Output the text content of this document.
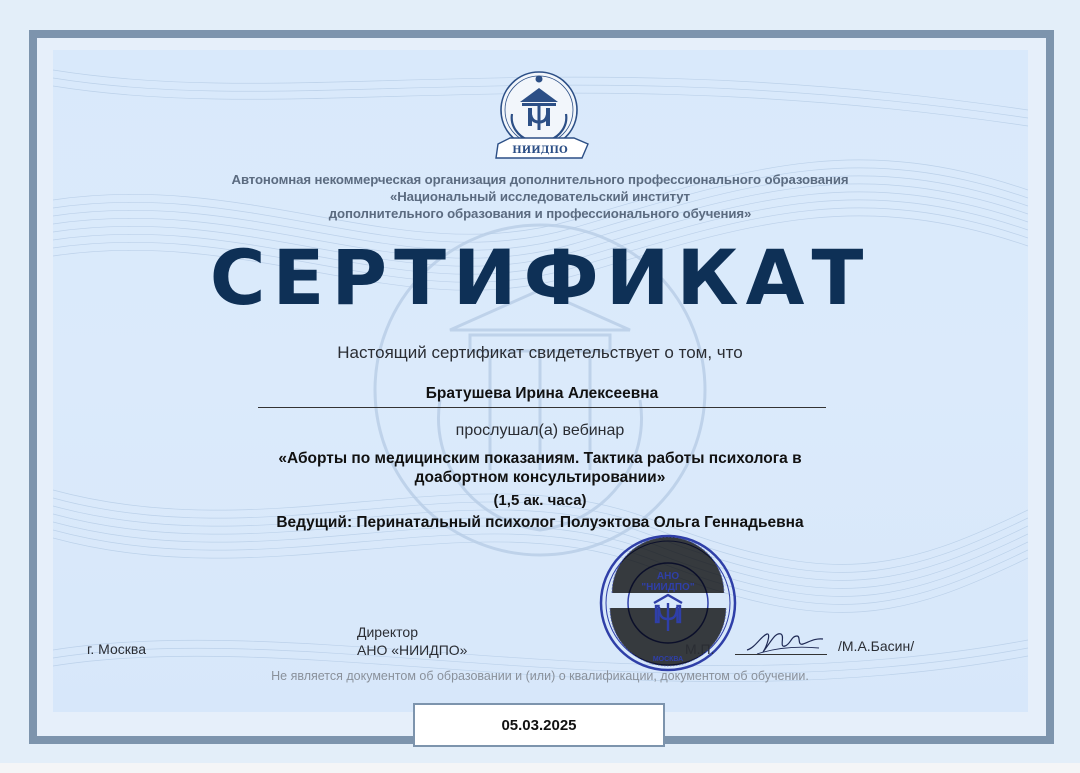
НИИДПО
Автономная некоммерческая организация дополнительного профессионального образования
«Национальный исследовательский институт
дополнительного образования и профессионального обучения»
СЕРТИФИКАТ
Настоящий сертификат свидетельствует о том, что
Братушева Ирина Алексеевна
прослушал(а) вебинар
«Аборты по медицинским показаниям. Тактика работы психолога в
доабортном консультировании»
(1,5 ак. часа)
Ведущий: Перинатальный психолог Полуэктова Ольга Геннадьевна
АНО
"НИИДПО"
МОСКВА
г. Москва
Директор
АНО «НИИДПО»	М.П.	/М.А.Басин/
Не является документом об образовании и (или) о квалификации, документом об обучении.
05.03.2025
